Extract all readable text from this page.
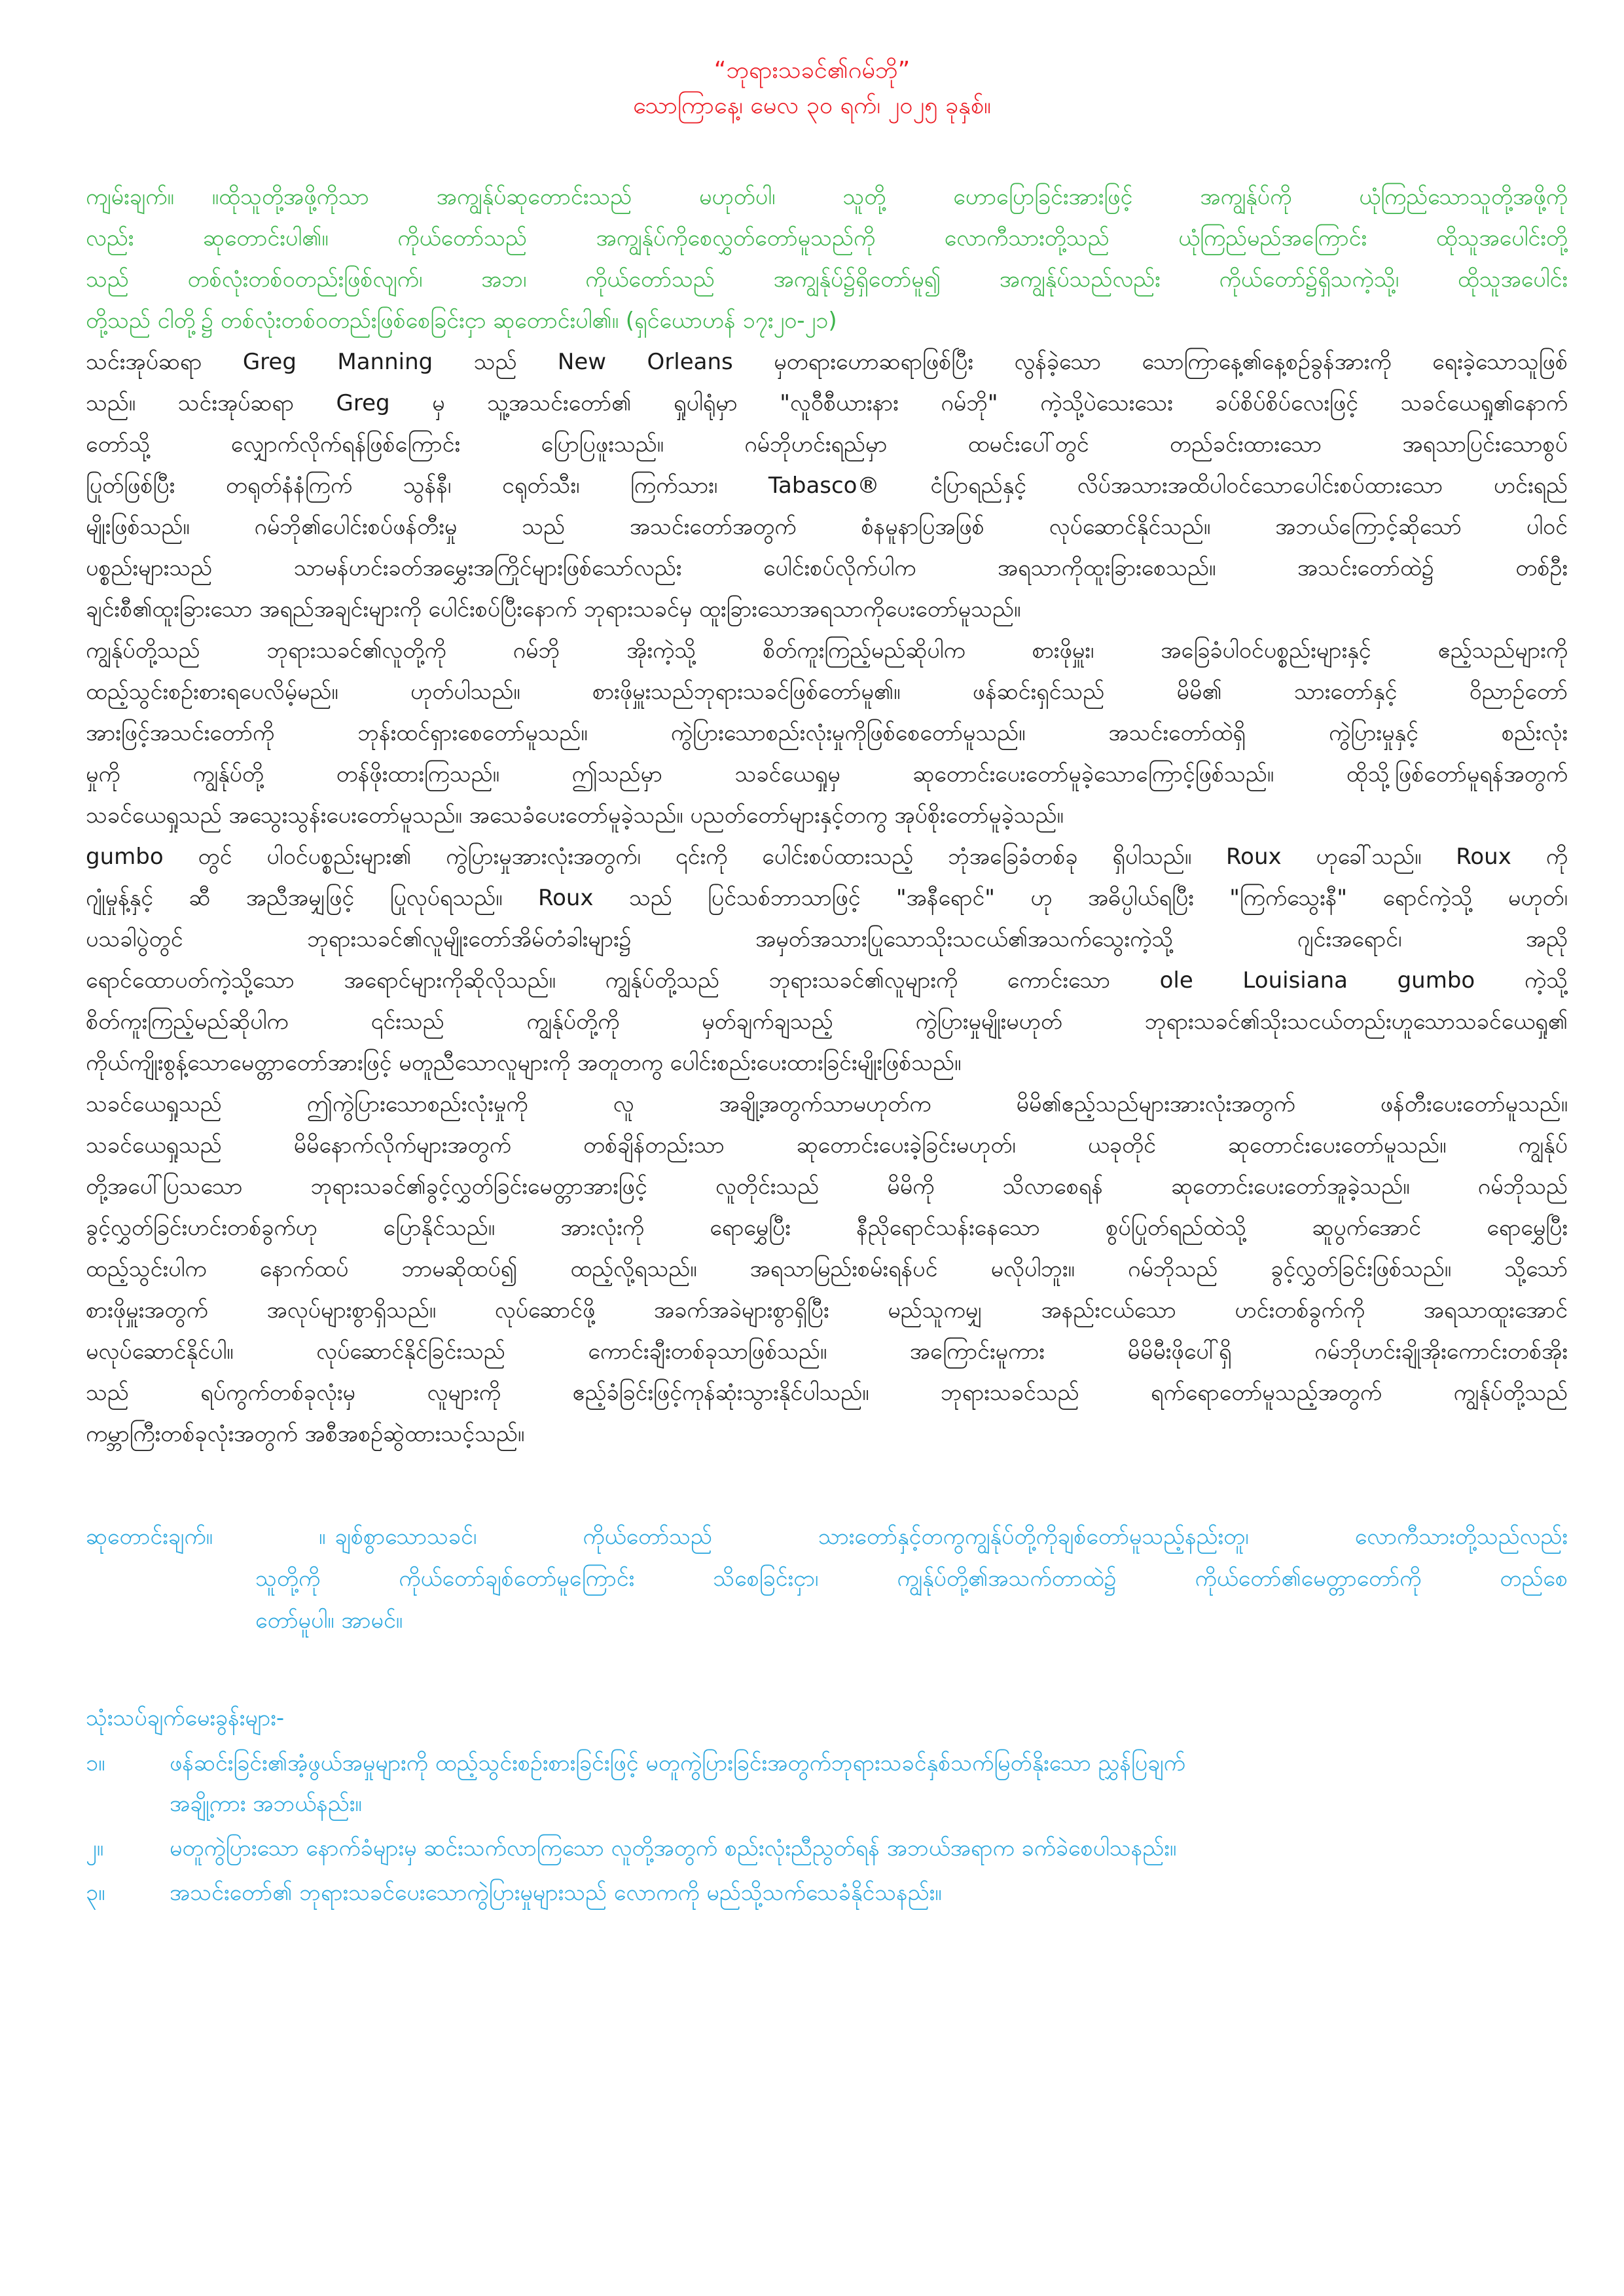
“ဘုရားသခင်၏ဂမ်ဘို”
သောကြာနေ့၊ မေလ ၃၀ ရက်၊ ၂၀၂၅ ခုနှစ်။
ကျမ်းချက်။ ။ထိုသူတို့အဖို့ကိုသာ အကျွန်ုပ်ဆုတောင်းသည် မဟုတ်ပါ၊ သူတို့ ဟောပြောခြင်းအားဖြင့် အကျွန်ုပ်ကို ယုံကြည်သောသူတို့အဖို့ကို
လည်း ဆုတောင်းပါ၏။ ကိုယ်တော်သည် အကျွန်ုပ်ကိုစေလွှတ်တော်မူသည်ကို လောကီသားတို့သည် ယုံကြည်မည်အကြောင်း ထိုသူအပေါင်းတို့
သည် တစ်လုံးတစ်ဝတည်းဖြစ်လျက်၊ အဘ၊ ကိုယ်တော်သည် အကျွန်ုပ်၌ရှိတော်မူ၍ အကျွန်ုပ်သည်လည်း ကိုယ်တော်၌ရှိသကဲ့သို့၊ ထိုသူအပေါင်း
တို့သည် ငါတို့၌ တစ်လုံးတစ်ဝတည်းဖြစ်စေခြင်းငှာ ဆုတောင်းပါ၏။ (ရှင်ယောဟန် ၁၇း၂၀-၂၁)
သင်းအုပ်ဆရာ Greg Manning သည် New Orleans မှတရားဟောဆရာဖြစ်ပြီး လွန်ခဲ့သော သောကြာနေ့၏နေ့စဥ်ခွန်အားကို ရေးခဲ့သောသူဖြစ်
သည်။ သင်းအုပ်ဆရာ Greg မှ သူ့အသင်းတော်၏ ရှုပါရုံမှာ "လူဝီစီယားနား ဂမ်ဘို" ကဲ့သို့ပဲသေးသေး ခပ်စိပ်စိပ်လေးဖြင့် သခင်ယေရှု၏နောက်
တော်သို့ လျှောက်လိုက်ရန်ဖြစ်ကြောင်း ပြောပြဖူးသည်။ ဂမ်ဘိုဟင်းရည်မှာ ထမင်းပေါ်တွင် တည်ခင်းထားသော အရသာပြင်းသောစွပ်
ပြုတ်ဖြစ်ပြီး တရုတ်နံနံကြက် သွန်နီ၊ ငရုတ်သီး၊ ကြက်သား၊ Tabasco® ငံပြာရည်နှင့် လိပ်အသားအထိပါဝင်သောပေါင်းစပ်ထားသော ဟင်းရည်
မျိုးဖြစ်သည်။ ဂမ်ဘို၏ပေါင်းစပ်ဖန်တီးမှု သည် အသင်းတော်အတွက် စံနမူနာပြအဖြစ် လုပ်ဆောင်နိုင်သည်။ အဘယ်ကြောင့်ဆိုသော် ပါဝင်
ပစ္စည်းများသည် သာမန်ဟင်းခတ်အမွှေးအကြိုင်များဖြစ်သော်လည်း ပေါင်းစပ်လိုက်ပါက အရသာကိုထူးခြားစေသည်။ အသင်းတော်ထဲ၌ တစ်ဦး
ချင်းစီ၏ထူးခြားသော အရည်အချင်းများကို ပေါင်းစပ်ပြီးနောက် ဘုရားသခင်မှ ထူးခြားသောအရသာကိုပေးတော်မူသည်။
ကျွန်ုပ်တို့သည် ဘုရားသခင်၏လူတို့ကို ဂမ်ဘို အိုးကဲ့သို့ စိတ်ကူးကြည့်မည်ဆိုပါက စားဖိုမှူး၊ အခြေခံပါဝင်ပစ္စည်းများနှင့် ဧည့်သည်များကို
ထည့်သွင်းစဥ်းစားရပေလိမ့်မည်။ ဟုတ်ပါသည်။ စားဖိုမှူးသည်ဘုရားသခင်ဖြစ်တော်မူ၏။ ဖန်ဆင်းရှင်သည် မိမိ၏ သားတော်နှင့် ဝိညာဉ်တော်
အားဖြင့်အသင်းတော်ကို ဘုန်းထင်ရှားစေတော်မူသည်။ ကွဲပြားသောစည်းလုံးမှုကိုဖြစ်စေတော်မူသည်။ အသင်းတော်ထဲရှိ ကွဲပြားမှုနှင့် စည်းလုံး
မှုကို ကျွန်ုပ်တို့ တန်ဖိုးထားကြသည်။ ဤသည်မှာ သခင်ယေရှုမှ ဆုတောင်းပေးတော်မူခဲ့သောကြောင့်ဖြစ်သည်။ ထိုသို့ဖြစ်တော်မူရန်အတွက်
သခင်ယေရှုသည် အသွေးသွန်းပေးတော်မူသည်။ အသေခံပေးတော်မူခဲ့သည်။ ပညတ်တော်များနှင့်တကွ အုပ်စိုးတော်မူခဲ့သည်။
gumbo တွင် ပါဝင်ပစ္စည်းများ၏ ကွဲပြားမှုအားလုံးအတွက်၊ ၎င်းကို ပေါင်းစပ်ထားသည့် ဘုံအခြေခံတစ်ခု ရှိပါသည်။ Roux ဟုခေါ်သည်။ Roux ကို
ဂျုံမှုန့်နှင့် ဆီ အညီအမျှဖြင့် ပြုလုပ်ရသည်။ Roux သည် ပြင်သစ်ဘာသာဖြင့် "အနီရောင်" ဟု အဓိပ္ပါယ်ရပြီး "ကြက်သွေးနီ" ရောင်ကဲ့သို့ မဟုတ်၊
ပသခါပွဲတွင် ဘုရားသခင်၏လူမျိုးတော်အိမ်တံခါးများ၌ အမှတ်အသားပြုသောသိုးသငယ်၏အသက်သွေးကဲ့သို့ ဂျင်းအရောင်၊ အညို
ရောင်ထောပတ်ကဲ့သို့သော အရောင်များကိုဆိုလိုသည်။ ကျွန်ုပ်တို့သည် ဘုရားသခင်၏လူများကို ကောင်းသော ole Louisiana gumbo ကဲ့သို့
စိတ်ကူးကြည့်မည်ဆိုပါက ၎င်းသည် ကျွန်ုပ်တို့ကို မှတ်ချက်ချသည့် ကွဲပြားမှုမျိုးမဟုတ် ဘုရားသခင်၏သိုးသငယ်တည်းဟူသောသခင်ယေရှု၏
ကိုယ်ကျိုးစွန့်သောမေတ္တာတော်အားဖြင့် မတူညီသောလူများကို အတူတကွ ပေါင်းစည်းပေးထားခြင်းမျိုးဖြစ်သည်။
သခင်ယေရှုသည် ဤကွဲပြားသောစည်းလုံးမှုကို လူ အချို့အတွက်သာမဟုတ်က မိမိ၏ဧည့်သည်များအားလုံးအတွက် ဖန်တီးပေးတော်မူသည်။
သခင်ယေရှုသည် မိမိနောက်လိုက်များအတွက် တစ်ချိန်တည်းသာ ဆုတောင်းပေးခဲ့ခြင်းမဟုတ်၊ ယခုတိုင် ဆုတောင်းပေးတော်မူသည်။ ကျွန်ုပ်
တို့အပေါ်ပြသသော ဘုရားသခင်၏ခွင့်လွှတ်ခြင်းမေတ္တာအားဖြင့် လူတိုင်းသည် မိမိကို သိလာစေရန် ဆုတောင်းပေးတော်အူခဲ့သည်။ ဂမ်ဘိုသည်
ခွင့်လွှတ်ခြင်းဟင်းတစ်ခွက်ဟု ပြောနိုင်သည်။ အားလုံးကို ရောမွှေပြီး နီညိုရောင်သန်းနေသော စွပ်ပြုတ်ရည်ထဲသို့ ဆူပွက်အောင် ရောမွှေပြီး
ထည့်သွင်းပါက နောက်ထပ် ဘာမဆိုထပ်၍ ထည့်လို့ရသည်။ အရသာမြည်းစမ်းရန်ပင် မလိုပါဘူး။ ဂမ်ဘိုသည် ခွင့်လွှတ်ခြင်းဖြစ်သည်။ သို့သော်
စားဖိုမှူးအတွက် အလုပ်များစွာရှိသည်။ လုပ်ဆောင်ဖို့ အခက်အခဲများစွာရှိပြီး မည်သူကမျှ အနည်းငယ်သော ဟင်းတစ်ခွက်ကို အရသာထူးအောင်
မလုပ်ဆောင်နိုင်ပါ။ လုပ်ဆောင်နိုင်ခြင်းသည် ကောင်းချီးတစ်ခုသာဖြစ်သည်။ အကြောင်းမူကား မိမိမီးဖိုပေါ်ရှိ ဂမ်ဘိုဟင်းချိုအိုးကောင်းတစ်အိုး
သည် ရပ်ကွက်တစ်ခုလုံးမှ လူများကို ဧည့်ခံခြင်းဖြင့်ကုန်ဆုံးသွားနိုင်ပါသည်။ ဘုရားသခင်သည် ရက်ရောတော်မူသည့်အတွက် ကျွန်ုပ်တို့သည်
ကမ္ဘာကြီးတစ်ခုလုံးအတွက် အစီအစဥ်ဆွဲထားသင့်သည်။
ဆုတောင်းချက်။ ။ ချစ်စွာသောသခင်၊ ကိုယ်တော်သည် သားတော်နှင့်တကွကျွန်ုပ်တို့ကိုချစ်တော်မူသည့်နည်းတူ၊ လောကီသားတို့သည်လည်း
သူတို့ကို ကိုယ်တော်ချစ်တော်မူကြောင်း သိစေခြင်းငှာ၊ ကျွန်ုပ်တို့၏အသက်တာထဲ၌ ကိုယ်တော်၏မေတ္တာတော်ကို တည်စေ
တော်မူပါ။ အာမင်။
သုံးသပ်ချက်မေးခွန်းများ-
၁။	ဖန်ဆင်းခြင်း၏အံ့ဖွယ်အမှုများကို ထည့်သွင်းစဥ်းစားခြင်းဖြင့် မတူကွဲပြားခြင်းအတွက်ဘုရားသခင်နှစ်သက်မြတ်နိုးသော ညွှန်ပြချက်
အချို့ကား အဘယ်နည်း။
၂။	မတူကွဲပြားသော နောက်ခံများမှ ဆင်းသက်လာကြသော လူတို့အတွက် စည်းလုံးညီညွတ်ရန် အဘယ်အရာက ခက်ခဲစေပါသနည်း။
၃။	အသင်းတော်၏ ဘုရားသခင်ပေးသောကွဲပြားမှုများသည် လောကကို မည်သို့သက်သေခံနိုင်သနည်း။
